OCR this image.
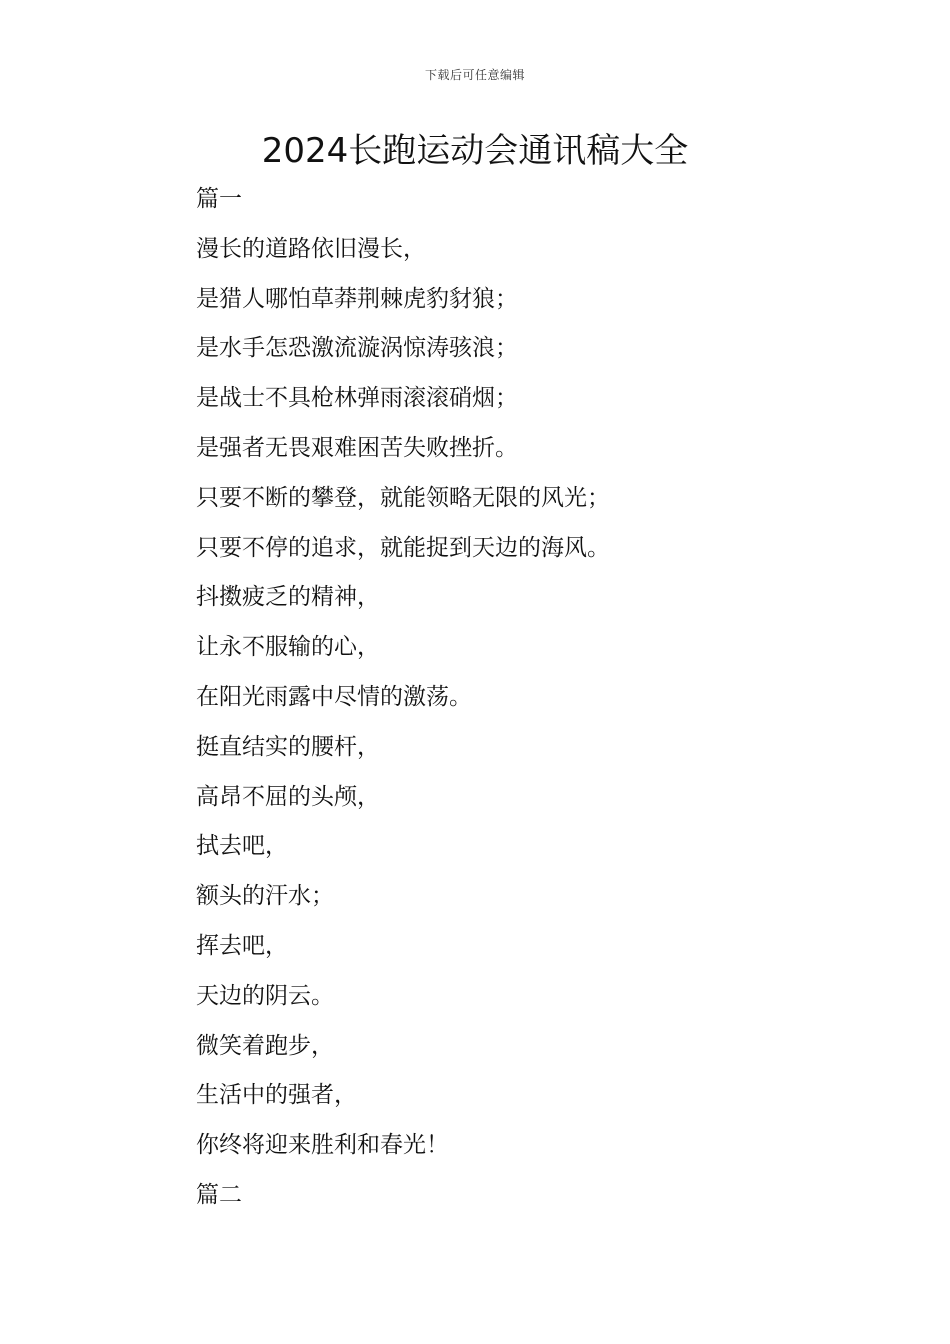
下载后可任意编辑
2024长跑运动会通讯稿大全
篇一
漫长的道路依旧漫长，
是猎人哪怕草莽荆棘虎豹豺狼；
是水手怎恐激流漩涡惊涛骇浪；
是战士不具枪林弹雨滚滚硝烟；
是强者无畏艰难困苦失败挫折。
只要不断的攀登，就能领略无限的风光；
只要不停的追求，就能捉到天边的海风。
抖擞疲乏的精神，
让永不服输的心，
在阳光雨露中尽情的激荡。
挺直结实的腰杆，
高昂不屈的头颅，
拭去吧，
额头的汗水；
挥去吧，
天边的阴云。
微笑着跑步，
生活中的强者，
你终将迎来胜利和春光！
篇二
